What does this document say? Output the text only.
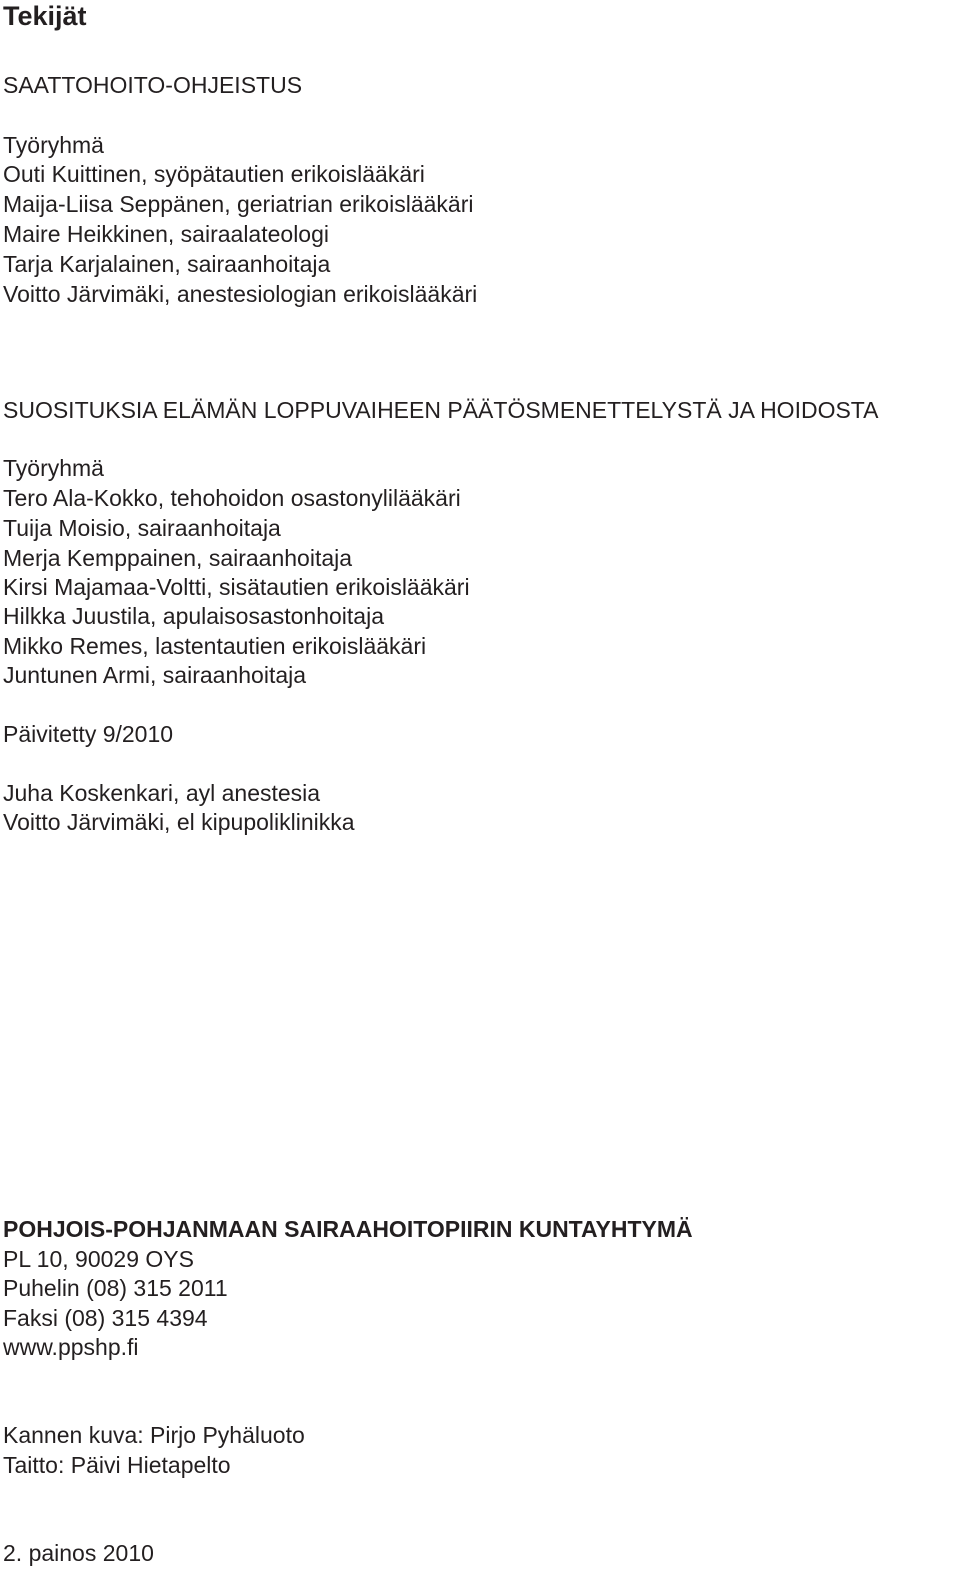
Tekijät

SAATTOHOITO-OHJEISTUS

Työryhmä

Outi Kuittinen, syöpätautien erikoislääkäri

Maija-Liisa Seppänen, geriatrian erikoislääkäri

Maire Heikkinen, sairaalateologi

Tarja Karjalainen, sairaanhoitaja

Voitto Järvimäki, anestesiologian erikoislääkäri

SUOSITUKSIA ELÄMÄN LOPPUVAIHEEN PÄÄTÖSMENETTELYSTÄ JA HOIDOSTA

Työryhmä

Tero Ala-Kokko, tehohoidon osastonylilääkäri

Tuija Moisio, sairaanhoitaja

Merja Kemppainen, sairaanhoitaja

Kirsi Majamaa-Voltti, sisätautien erikoislääkäri

Hilkka Juustila, apulaisosastonhoitaja

Mikko Remes, lastentautien erikoislääkäri

Juntunen Armi, sairaanhoitaja

Päivitetty 9/2010

Juha Koskenkari, ayl anestesia

Voitto Järvimäki, el kipupoliklinikka

POHJOIS-POHJANMAAN SAIRAAHOITOPIIRIN KUNTAYHTYMÄ

PL 10, 90029 OYS

Puhelin (08) 315 2011

Faksi (08) 315 4394

www.ppshp.fi

Kannen kuva: Pirjo Pyhäluoto

Taitto: Päivi Hietapelto

2. painos 2010
